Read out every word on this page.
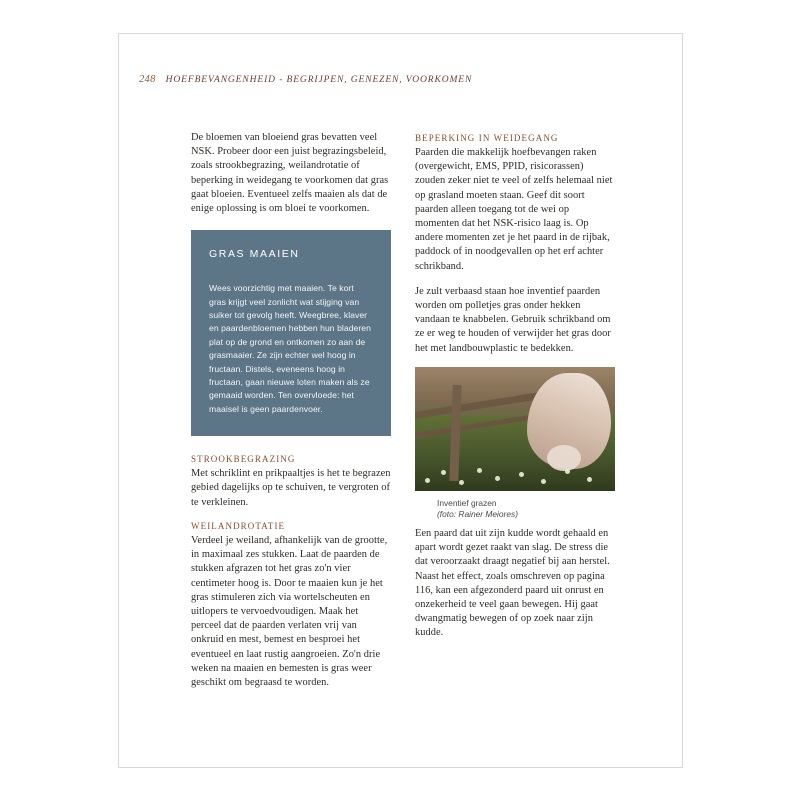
248 HOEFBEVANGENHEID - BEGRIJPEN, GENEZEN, VOORKOMEN

De bloemen van bloeiend gras bevatten veel NSK. Probeer door een juist begrazingsbeleid, zoals strookbegrazing, weilandrotatie of beperking in weidegang te voorkomen dat gras gaat bloeien. Eventueel zelfs maaien als dat de enige oplossing is om bloei te voorkomen.

GRAS MAAIEN

Wees voorzichtig met maaien. Te kort gras krijgt veel zonlicht wat stijging van suiker tot gevolg heeft. Weegbree, klaver en paardenbloemen hebben hun bladeren plat op de grond en ontkomen zo aan de grasmaaier. Ze zijn echter wel hoog in fructaan. Distels, eveneens hoog in fructaan, gaan nieuwe loten maken als ze gemaaid worden. Ten overvloede: het maaisel is geen paardenvoer.

STROOKBEGRAZING

Met schriklint en prikpaaltjes is het te begrazen gebied dagelijks op te schuiven, te vergroten of te verkleinen.

WEILANDROTATIE

Verdeel je weiland, afhankelijk van de grootte, in maximaal zes stukken. Laat de paarden de stukken afgrazen tot het gras zo'n vier centimeter hoog is. Door te maaien kun je het gras stimuleren zich via wortelscheuten en uitlopers te vervoedvoudigen. Maak het perceel dat de paarden verlaten vrij van onkruid en mest, bemest en besproei het eventueel en laat rustig aangroeien. Zo'n drie weken na maaien en bemesten is gras weer geschikt om begraasd te worden.

BEPERKING IN WEIDEGANG

Paarden die makkelijk hoefbevangen raken (overgewicht, EMS, PPID, risicorassen) zouden zeker niet te veel of zelfs helemaal niet op grasland moeten staan. Geef dit soort paarden alleen toegang tot de wei op momenten dat het NSK-risico laag is. Op andere momenten zet je het paard in de rijbak, paddock of in noodgevallen op het erf achter schrikband.

Je zult verbaasd staan hoe inventief paarden worden om polletjes gras onder hekken vandaan te knabbelen. Gebruik schrikband om ze er weg te houden of verwijder het gras door het met landbouwplastic te bedekken.

Inventief grazen
(foto: Rainer Meiores)

Een paard dat uit zijn kudde wordt gehaald en apart wordt gezet raakt van slag. De stress die dat veroorzaakt draagt negatief bij aan herstel. Naast het effect, zoals omschreven op pagina 116, kan een afgezonderd paard uit onrust en onzekerheid te veel gaan bewegen. Hij gaat dwangmatig bewegen of op zoek naar zijn kudde.
